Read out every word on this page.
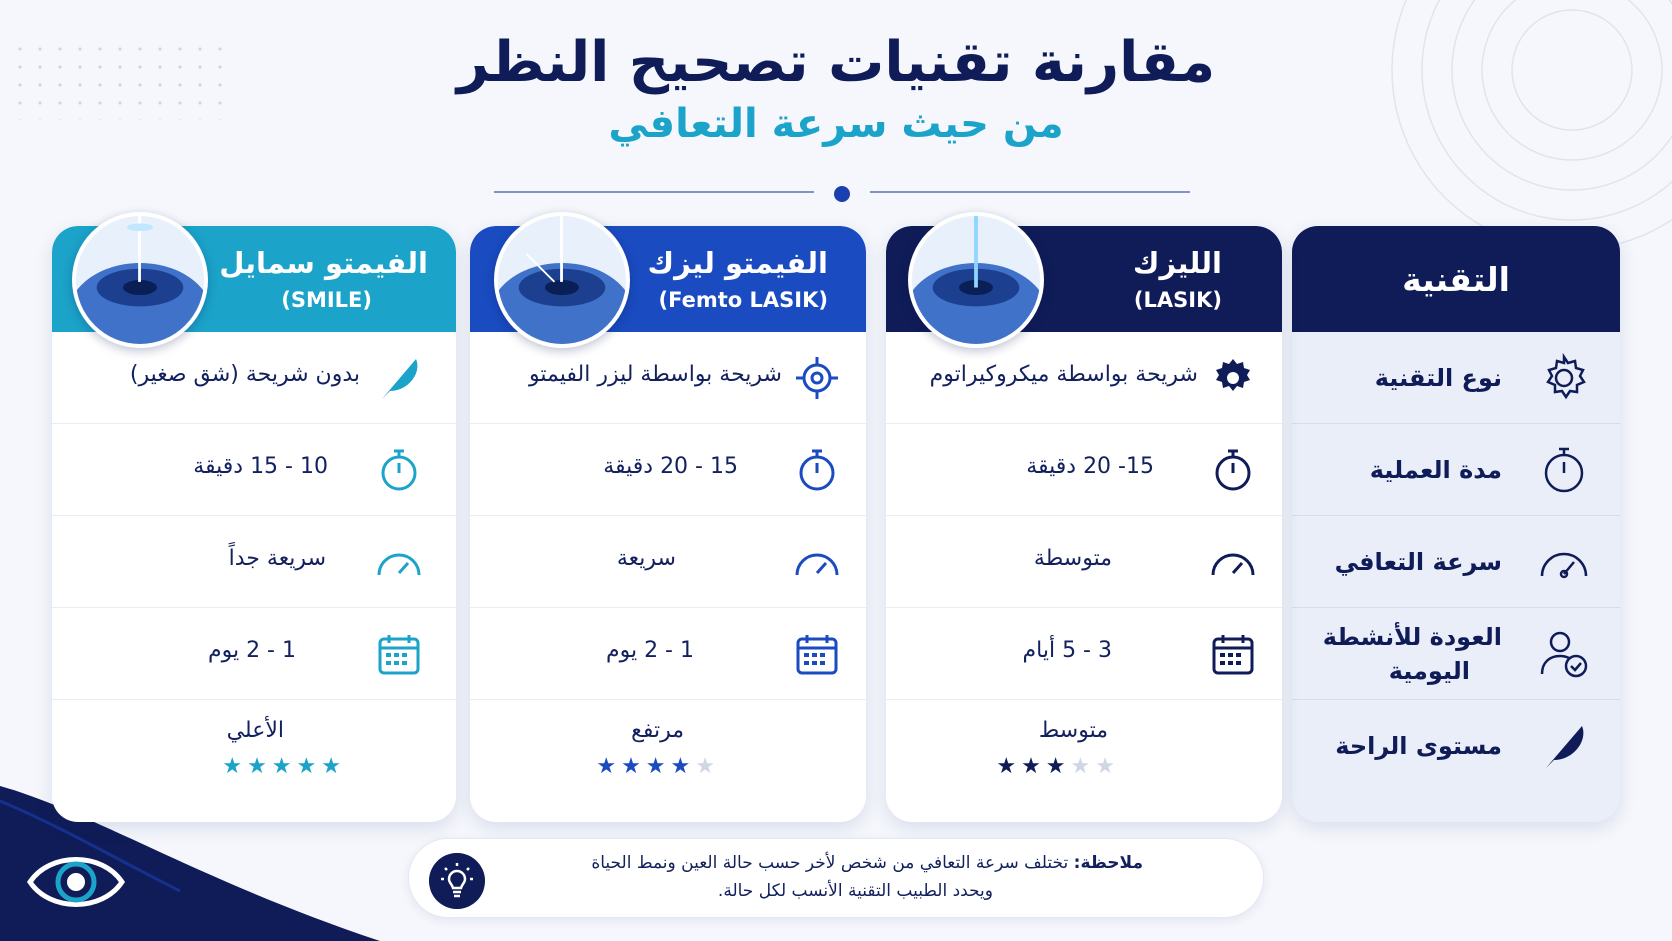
مقارنة تقنيات تصحيح النظر
من حيث سرعة التعافي
التقنية
نوع التقنية
مدة العملية
سرعة التعافي
العودة للأنشطة
اليومية
مستوى الراحة
الليزك
(LASIK)
شريحة بواسطة ميكروكيراتوم
15- 20 دقيقة
متوسطة
3 - 5 أيام
متوسط
★★★★★
الفيمتو ليزك
(Femto LASIK)
شريحة بواسطة ليزر الفيمتو
15 - 20 دقيقة
سريعة
1 - 2 يوم
مرتفع
★★★★★
الفيمتو سمايل
(SMILE)
بدون شريحة (شق صغير)
10 - 15 دقيقة
سريعة جداً
1 - 2 يوم
الأعلي
★★★★★
ملاحظة: تختلف سرعة التعافي من شخص لأخر حسب حالة العين ونمط الحياة
ويحدد الطبيب التقنية الأنسب لكل حالة.
